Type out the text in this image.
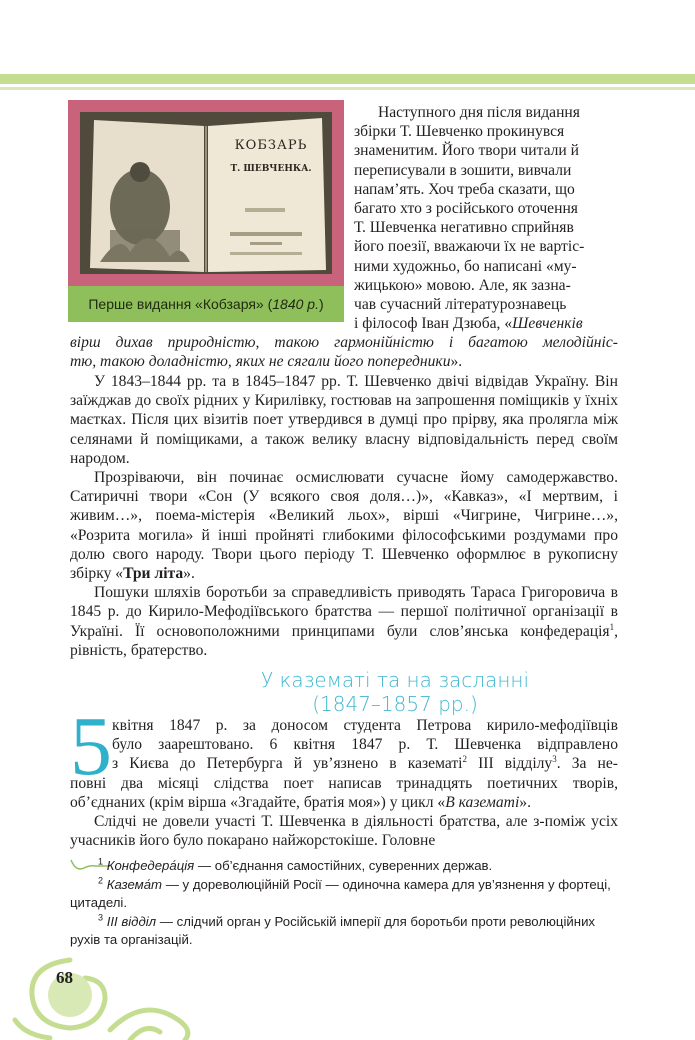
КОБЗАРЬ
Т. ШЕВЧЕНКА.
Перше видання «Кобзаря» (1840 р.)
Наступного дня після видання
збірки Т. Шевченко прокинувся
знаменитим. Його твори читали й
переписували в зошити, вивчали
напам’ять. Хоч треба сказати, що
багато хто з російського оточення
Т. Шевченка негативно сприйняв
його поезії, вважаючи їх не вартіс-
ними художньо, бо написані «му-
жицькою» мовою. Але, як зазна-
чав сучасний літературознавець
і філософ Іван Дзюба, «Шевченків
вірш дихав природністю, такою гармонійністю і багатою мелодійніс-
тю, такою доладністю, яких не сягали його попередники».

У 1843–1844 рр. та в 1845–1847 рр. Т. Шевченко двічі відвідав Україну. Він заїжджав до своїх рідних у Кирилівку, гостював на запрошення поміщиків у їхніх маєтках. Після цих візитів поет утвердився в думці про прірву, яка пролягла між селянами й поміщиками, а також велику власну відповідальність перед своїм народом.

Прозріваючи, він починає осмислювати сучасне йому самодержавство. Сатиричні твори «Сон (У всякого своя доля…)», «Кавказ», «І мертвим, і живим…», поема-містерія «Великий льох», вірші «Чигрине, Чигрине…», «Розрита могила» й інші пройняті глибокими філософськими роздумами про долю свого народу. Твори цього періоду Т. Шевченко оформлює в рукописну збірку «Три літа».

Пошуки шляхів боротьби за справедливість приводять Тараса Григоровича в 1845 р. до Кирило-Мефодіївського братства — першої політичної організації в Україні. Її основоположними принципами були слов’янська конфедерація$^1$, рівність, братерство.

У казематі та на засланні
(1847–1857 рр.)
5 квітня 1847 р. за доносом студента Петрова кирило-мефодіївців
було заарештовано. 6 квітня 1847 р. Т. Шевченка відправлено
з Києва до Петербурга й ув’язнено в казематі$^2$ ІІІ відділу$^3$. За не-
повні два місяці слідства поет написав тринадцять поетичних творів,
об’єднаних (крім вірша «Згадайте, братія моя») у цикл «В казематі».

Слідчі не довели участі Т. Шевченка в діяльності братства, але з-поміж усіх учасників його було покарано найжорстокіше. Головне

$^1$ Конфедера́ція — об’єднання самостійних, суверенних держав.

$^2$ Казема́т — у дореволюційній Росії — одиночна камера для ув’язнення у фортеці, цитаделі.

$^3$ ІІІ відділ — слідчий орган у Російській імперії для боротьби проти революційних рухів та організацій.

68
